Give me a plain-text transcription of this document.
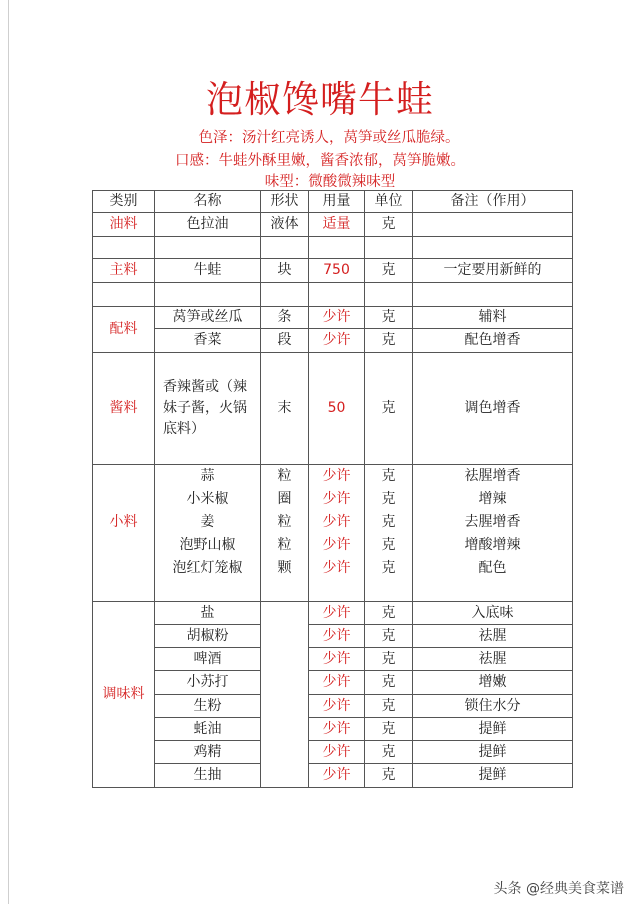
泡椒馋嘴牛蛙
色泽：汤汁红亮诱人，莴笋或丝瓜脆绿。
口感：牛蛙外酥里嫩，酱香浓郁，莴笋脆嫩。
味型：微酸微辣味型
类别	名称	形状	用量	单位	备注（作用）
油料	色拉油	液体	适量	克	

主料	牛蛙	块	750	克	一定要用新鲜的

配料	莴笋或丝瓜	条	少许	克	辅料
	香菜	段	少许	克	配色增香
酱料	香辣酱或（辣妹子酱，火锅底料）	末	50	克	调色增香
小料	蒜	粒	少许	克	祛腥增香
	小米椒	圈	少许	克	增辣
	姜	粒	少许	克	去腥增香
	泡野山椒	粒	少许	克	增酸增辣
	泡红灯笼椒	颗	少许	克	配色

调味料	盐		少许	克	入底味
	胡椒粉		少许	克	祛腥
	啤酒		少许	克	祛腥
	小苏打		少许	克	增嫩
	生粉		少许	克	锁住水分
	蚝油		少许	克	提鲜
	鸡精		少许	克	提鲜
	生抽		少许	克	提鲜
头条 @经典美食菜谱
